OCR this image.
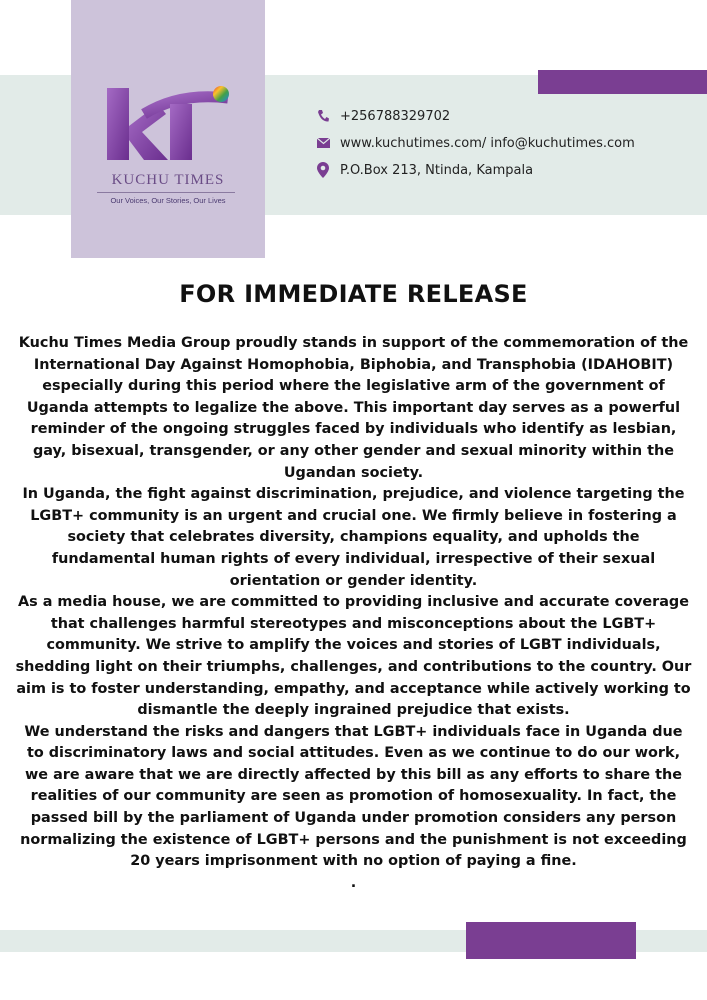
KUCHU TIMES
Our Voices, Our Stories, Our Lives
+256788329702
www.kuchutimes.com/ info@kuchutimes.com
P.O.Box 213, Ntinda, Kampala
FOR IMMEDIATE RELEASE

Kuchu Times Media Group proudly stands in support of the commemoration of the International Day Against Homophobia, Biphobia, and Transphobia (IDAHOBIT) especially during this period where the legislative arm of the government of Uganda attempts to legalize the above. This important day serves as a powerful reminder of the ongoing struggles faced by individuals who identify as lesbian, gay, bisexual, transgender, or any other gender and sexual minority within the Ugandan society.

In Uganda, the fight against discrimination, prejudice, and violence targeting the LGBT+ community is an urgent and crucial one. We firmly believe in fostering a society that celebrates diversity, champions equality, and upholds the fundamental human rights of every individual, irrespective of their sexual orientation or gender identity.

As a media house, we are committed to providing inclusive and accurate coverage that challenges harmful stereotypes and misconceptions about the LGBT+ community. We strive to amplify the voices and stories of LGBT individuals, shedding light on their triumphs, challenges, and contributions to the country. Our aim is to foster understanding, empathy, and acceptance while actively working to dismantle the deeply ingrained prejudice that exists.

We understand the risks and dangers that LGBT+ individuals face in Uganda due to discriminatory laws and social attitudes. Even as we continue to do our work, we are aware that we are directly affected by this bill as any efforts to share the realities of our community are seen as promotion of homosexuality. In fact, the passed bill by the parliament of Uganda under promotion considers any person normalizing the existence of LGBT+ persons and the punishment is not exceeding 20 years imprisonment with no option of paying a fine.

.
